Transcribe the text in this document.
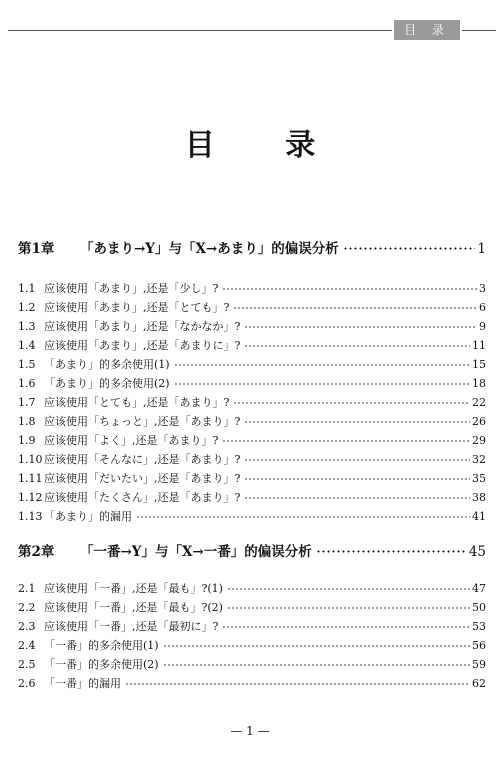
目 录
目 录
第1章	「あまり→Y」与「X→あまり」的偏误分析	1
1.1 应该使用「あまり」,还是「少し」?	3
1.2 应该使用「あまり」,还是「とても」?	6
1.3 应该使用「あまり」,还是「なかなか」?	9
1.4 应该使用「あまり」,还是「あまりに」?	11
1.5 「あまり」的多余使用(1)	15
1.6 「あまり」的多余使用(2)	18
1.7 应该使用「とても」,还是「あまり」?	22
1.8 应该使用「ちょっと」,还是「あまり」?	26
1.9 应该使用「よく」,还是「あまり」?	29
1.10 应该使用「そんなに」,还是「あまり」?	32
1.11 应该使用「だいたい」,还是「あまり」?	35
1.12 应该使用「たくさん」,还是「あまり」?	38
1.13 「あまり」的漏用	41
第2章	「一番→Y」与「X→一番」的偏误分析	45
2.1 应该使用「一番」,还是「最も」?(1)	47
2.2 应该使用「一番」,还是「最も」?(2)	50
2.3 应该使用「一番」,还是「最初に」?	53
2.4 「一番」的多余使用(1)	56
2.5 「一番」的多余使用(2)	59
2.6 「一番」的漏用	62
— 1 —
